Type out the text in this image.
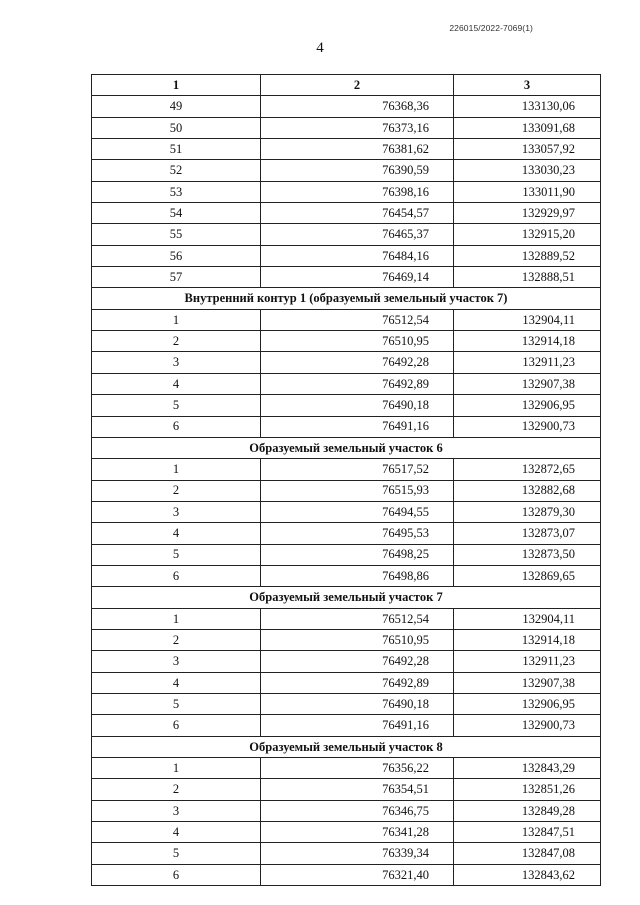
226015/2022-7069(1)
4
1	2	3
49	76368,36	133130,06
50	76373,16	133091,68
51	76381,62	133057,92
52	76390,59	133030,23
53	76398,16	133011,90
54	76454,57	132929,97
55	76465,37	132915,20
56	76484,16	132889,52
57	76469,14	132888,51
Внутренний контур 1 (образуемый земельный участок 7)		
1	76512,54	132904,11
2	76510,95	132914,18
3	76492,28	132911,23
4	76492,89	132907,38
5	76490,18	132906,95
6	76491,16	132900,73
Образуемый земельный участок 6		
1	76517,52	132872,65
2	76515,93	132882,68
3	76494,55	132879,30
4	76495,53	132873,07
5	76498,25	132873,50
6	76498,86	132869,65
Образуемый земельный участок 7		
1	76512,54	132904,11
2	76510,95	132914,18
3	76492,28	132911,23
4	76492,89	132907,38
5	76490,18	132906,95
6	76491,16	132900,73
Образуемый земельный участок 8		
1	76356,22	132843,29
2	76354,51	132851,26
3	76346,75	132849,28
4	76341,28	132847,51
5	76339,34	132847,08
6	76321,40	132843,62
